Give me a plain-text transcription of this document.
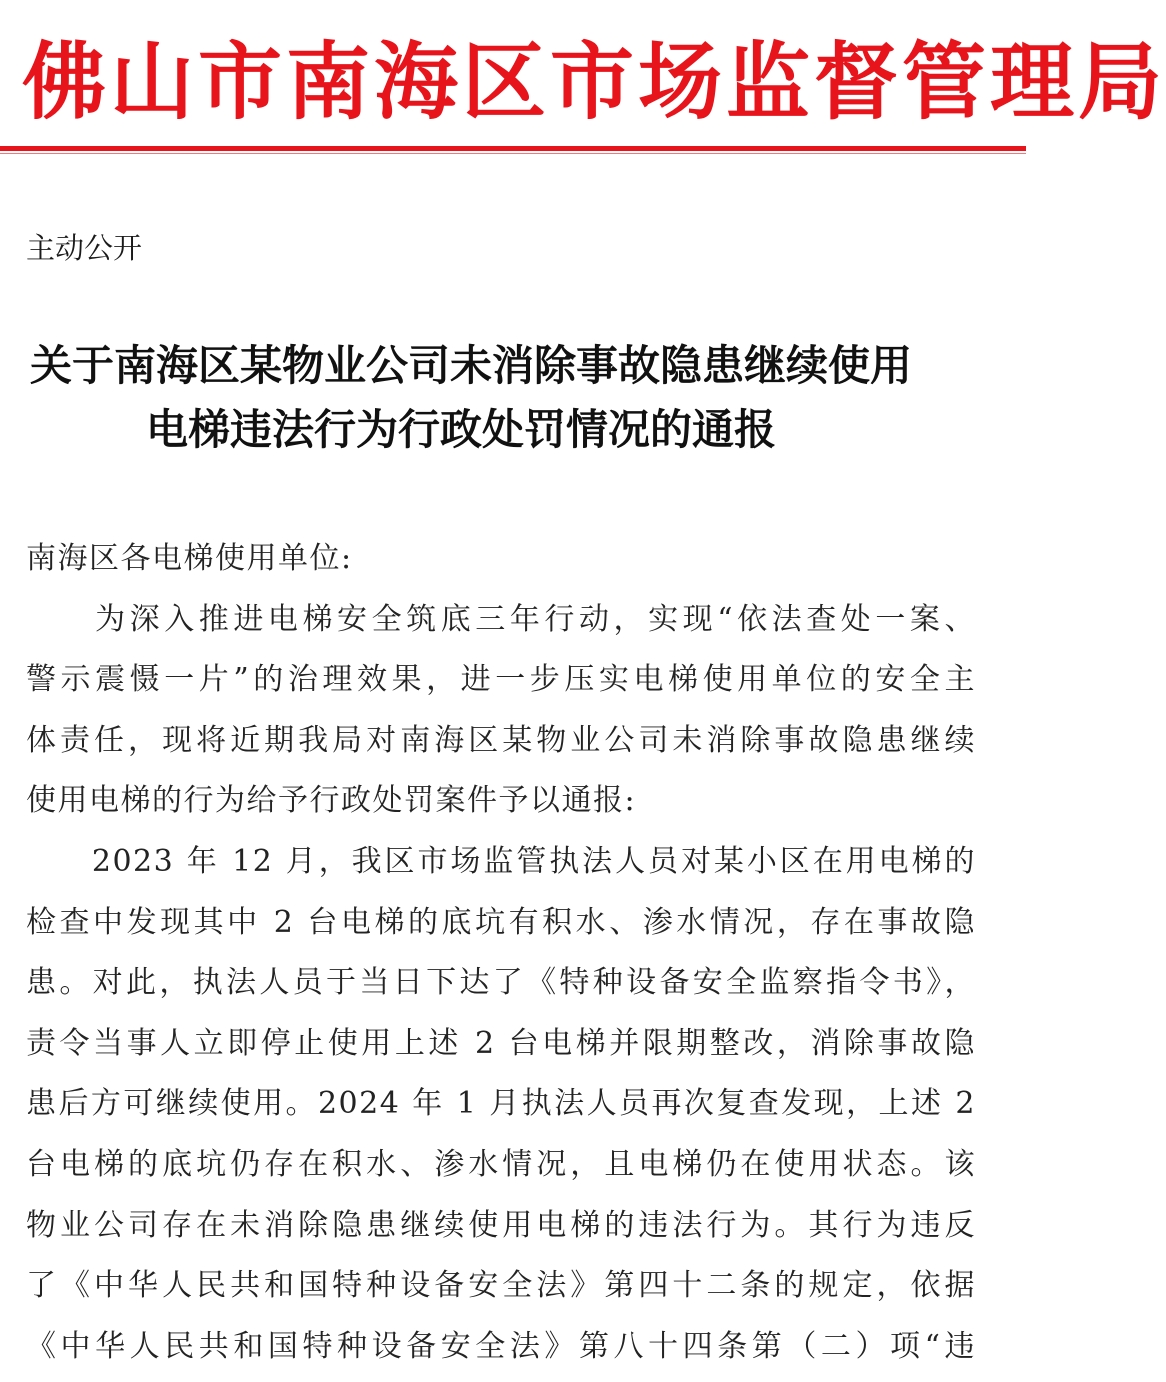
佛山市南海区市场监督管理局
主动公开
关于南海区某物业公司未消除事故隐患继续使用
电梯违法行为行政处罚情况的通报
南海区各电梯使用单位:
　　为深入推进电梯安全筑底三年行动，实现“依法查处一案、
警示震慑一片”的治理效果，进一步压实电梯使用单位的安全主
体责任，现将近期我局对南海区某物业公司未消除事故隐患继续
使用电梯的行为给予行政处罚案件予以通报:
　　2023 年 12 月，我区市场监管执法人员对某小区在用电梯的
检查中发现其中 2 台电梯的底坑有积水、渗水情况，存在事故隐
患。对此，执法人员于当日下达了《特种设备安全监察指令书》，
责令当事人立即停止使用上述 2 台电梯并限期整改，消除事故隐
患后方可继续使用。2024 年 1 月执法人员再次复查发现，上述 2
台电梯的底坑仍存在积水、渗水情况，且电梯仍在使用状态。该
物业公司存在未消除隐患继续使用电梯的违法行为。其行为违反
了《中华人民共和国特种设备安全法》第四十二条的规定，依据
《中华人民共和国特种设备安全法》第八十四条第（二）项“违
